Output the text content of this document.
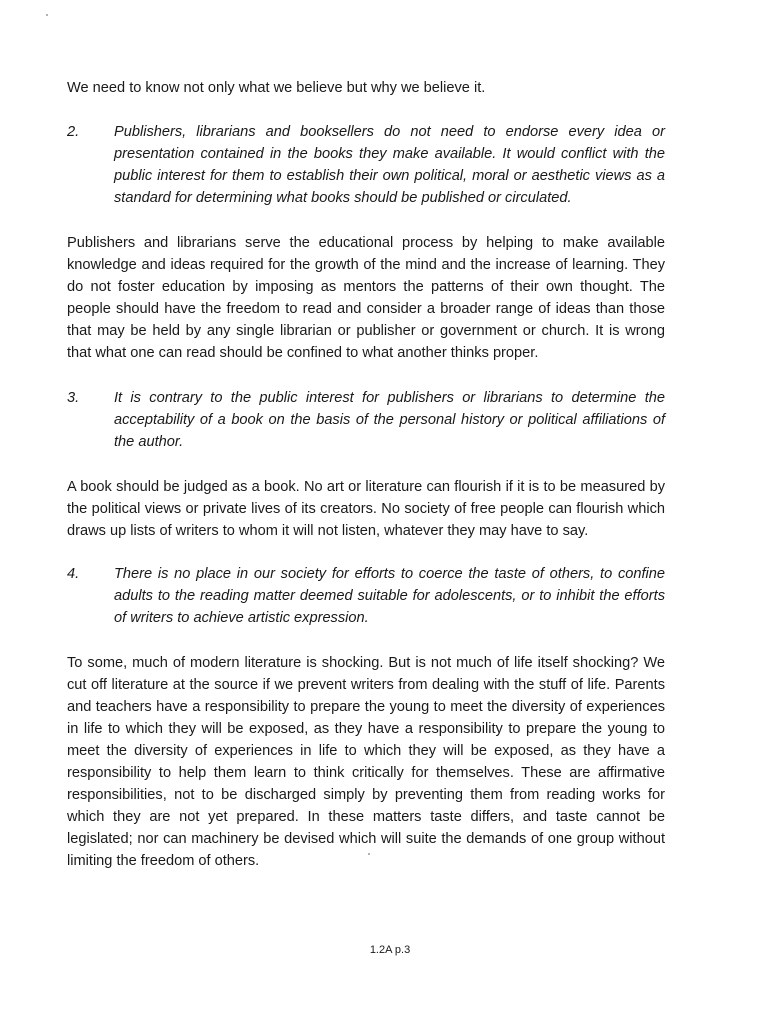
We need to know not only what we believe but why we believe it.

2.	Publishers, librarians and booksellers do not need to endorse every idea or presentation contained in the books they make available. It would conflict with the public interest for them to establish their own political, moral or aesthetic views as a standard for determining what books should be published or circulated.

Publishers and librarians serve the educational process by helping to make available knowledge and ideas required for the growth of the mind and the increase of learning. They do not foster education by imposing as mentors the patterns of their own thought. The people should have the freedom to read and consider a broader range of ideas than those that may be held by any single librarian or publisher or government or church. It is wrong that what one can read should be confined to what another thinks proper.

3.	It is contrary to the public interest for publishers or librarians to determine the acceptability of a book on the basis of the personal history or political affiliations of the author.

A book should be judged as a book. No art or literature can flourish if it is to be measured by the political views or private lives of its creators. No society of free people can flourish which draws up lists of writers to whom it will not listen, whatever they may have to say.

4.	There is no place in our society for efforts to coerce the taste of others, to confine adults to the reading matter deemed suitable for adolescents, or to inhibit the efforts of writers to achieve artistic expression.

To some, much of modern literature is shocking. But is not much of life itself shocking? We cut off literature at the source if we prevent writers from dealing with the stuff of life. Parents and teachers have a responsibility to prepare the young to meet the diversity of experiences in life to which they will be exposed, as they have a responsibility to prepare the young to meet the diversity of experiences in life to which they will be exposed, as they have a responsibility to help them learn to think critically for themselves. These are affirmative responsibilities, not to be discharged simply by preventing them from reading works for which they are not yet prepared. In these matters taste differs, and taste cannot be legislated; nor can machinery be devised which will suite the demands of one group without limiting the freedom of others.

1.2A p.3
